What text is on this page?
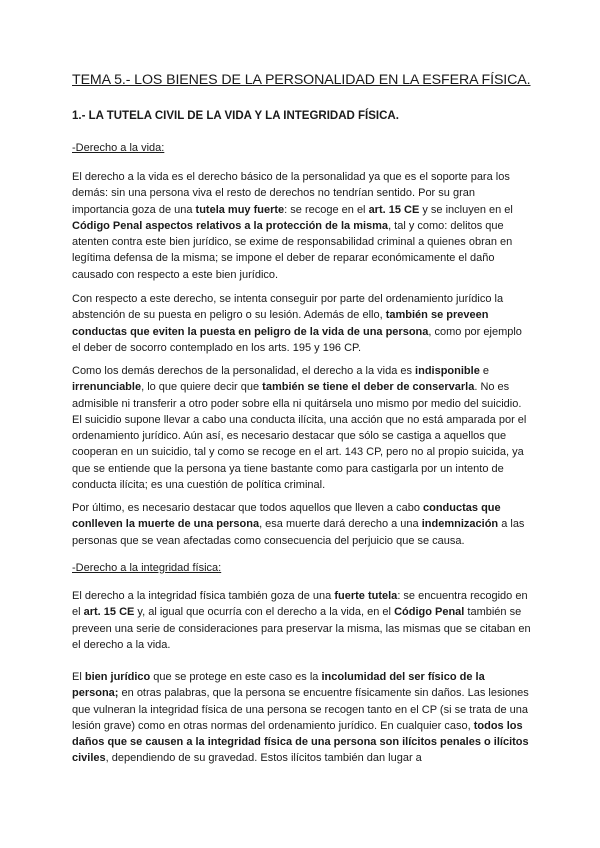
TEMA 5.- LOS BIENES DE LA PERSONALIDAD EN LA ESFERA FÍSICA.
1.- LA TUTELA CIVIL DE LA VIDA Y LA INTEGRIDAD FÍSICA.
-Derecho a la vida:

El derecho a la vida es el derecho básico de la personalidad ya que es el soporte para los demás: sin una persona viva el resto de derechos no tendrían sentido. Por su gran importancia goza de una tutela muy fuerte: se recoge en el art. 15 CE y se incluyen en el Código Penal aspectos relativos a la protección de la misma, tal y como: delitos que atenten contra este bien jurídico, se exime de responsabilidad criminal a quienes obran en legítima defensa de la misma; se impone el deber de reparar económicamente el daño causado con respecto a este bien jurídico.

Con respecto a este derecho, se intenta conseguir por parte del ordenamiento jurídico la abstención de su puesta en peligro o su lesión. Además de ello, también se preveen conductas que eviten la puesta en peligro de la vida de una persona, como por ejemplo el deber de socorro contemplado en los arts. 195 y 196 CP.

Como los demás derechos de la personalidad, el derecho a la vida es indisponible e irrenunciable, lo que quiere decir que también se tiene el deber de conservarla. No es admisible ni transferir a otro poder sobre ella ni quitársela uno mismo por medio del suicidio. El suicidio supone llevar a cabo una conducta ilícita, una acción que no está amparada por el ordenamiento jurídico. Aún así, es necesario destacar que sólo se castiga a aquellos que cooperan en un suicidio, tal y como se recoge en el art. 143 CP, pero no al propio suicida, ya que se entiende que la persona ya tiene bastante como para castigarla por un intento de conducta ilícita; es una cuestión de política criminal.

Por último, es necesario destacar que todos aquellos que lleven a cabo conductas que conlleven la muerte de una persona, esa muerte dará derecho a una indemnización a las personas que se vean afectadas como consecuencia del perjuicio que se causa.

-Derecho a la integridad física:

El derecho a la integridad física también goza de una fuerte tutela: se encuentra recogido en el art. 15 CE y, al igual que ocurría con el derecho a la vida, en el Código Penal también se preveen una serie de consideraciones para preservar la misma, las mismas que se citaban en el derecho a la vida.

El bien jurídico que se protege en este caso es la incolumidad del ser físico de la persona; en otras palabras, que la persona se encuentre físicamente sin daños. Las lesiones que vulneran la integridad física de una persona se recogen tanto en el CP (si se trata de una lesión grave) como en otras normas del ordenamiento jurídico. En cualquier caso, todos los daños que se causen a la integridad física de una persona son ilícitos penales o ilícitos civiles, dependiendo de su gravedad. Estos ilícitos también dan lugar a
